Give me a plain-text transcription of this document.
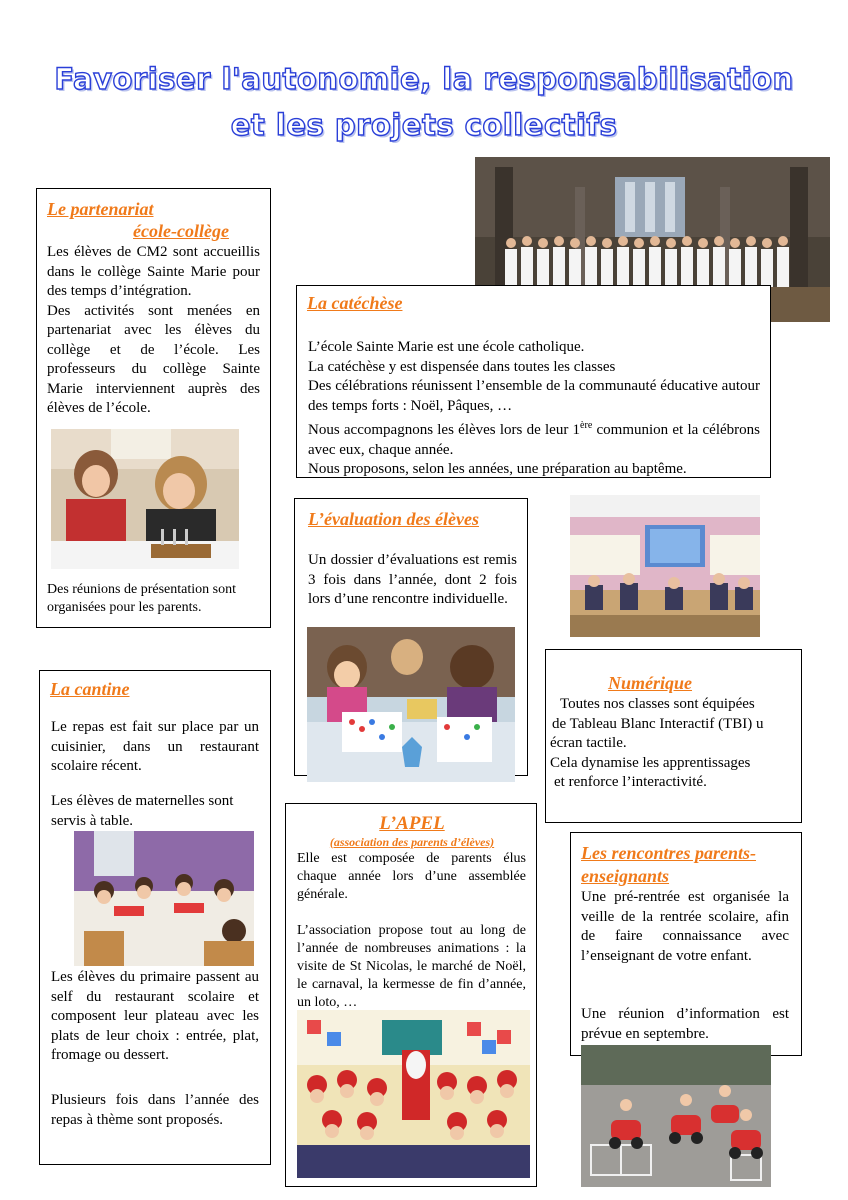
Favoriser l'autonomie, la responsabilisation
et les projets collectifs
Le partenariat
école-collège

Les élèves de CM2 sont accueillis dans le collège Sainte Marie pour des temps d’intégration.

Des activités sont menées en partenariat avec les élèves du collège et de l’école. Les professeurs du collège Sainte Marie interviennent auprès des élèves de l’école.

Des réunions de présentation sont organisées pour les parents.
La catéchèse

L’école Sainte Marie est une école catholique.

La catéchèse y est dispensée dans toutes les classes

Des célébrations réunissent l’ensemble de la communauté éducative autour des temps forts : Noël, Pâques, …

Nous accompagnons les élèves lors de leur 1ère communion et la célébrons avec eux, chaque année.

Nous proposons, selon les années, une préparation au baptême.

L’évaluation des élèves
Un dossier d’évaluations est remis 3 fois dans l’année, dont 2 fois lors d’une rencontre individuelle.
Numérique

Toutes nos classes sont équipées

de Tableau Blanc Interactif (TBI) u

écran tactile.

Cela dynamise les apprentissages

et renforce l’interactivité.

La cantine
Le repas est fait sur place par un cuisinier, dans un restaurant scolaire récent.
Les élèves de maternelles sont servis à table.
Les élèves du primaire passent au self du restaurant scolaire et composent leur plateau avec les plats de leur choix : entrée, plat, fromage ou dessert.
Plusieurs fois dans l’année des repas à thème sont proposés.
L’APEL
(association des parents d’élèves)
Elle est composée de parents élus chaque année lors d’une assemblée générale.
L’association propose tout au long de l’année de nombreuses animations : la visite de St Nicolas, le marché de Noël, le carnaval, la kermesse de fin d’année, un loto, …
Les rencontres parents-enseignants
Une pré-rentrée est organisée la veille de la rentrée scolaire, afin de faire connaissance avec l’enseignant de votre enfant.
Une réunion d’information est prévue en septembre.
